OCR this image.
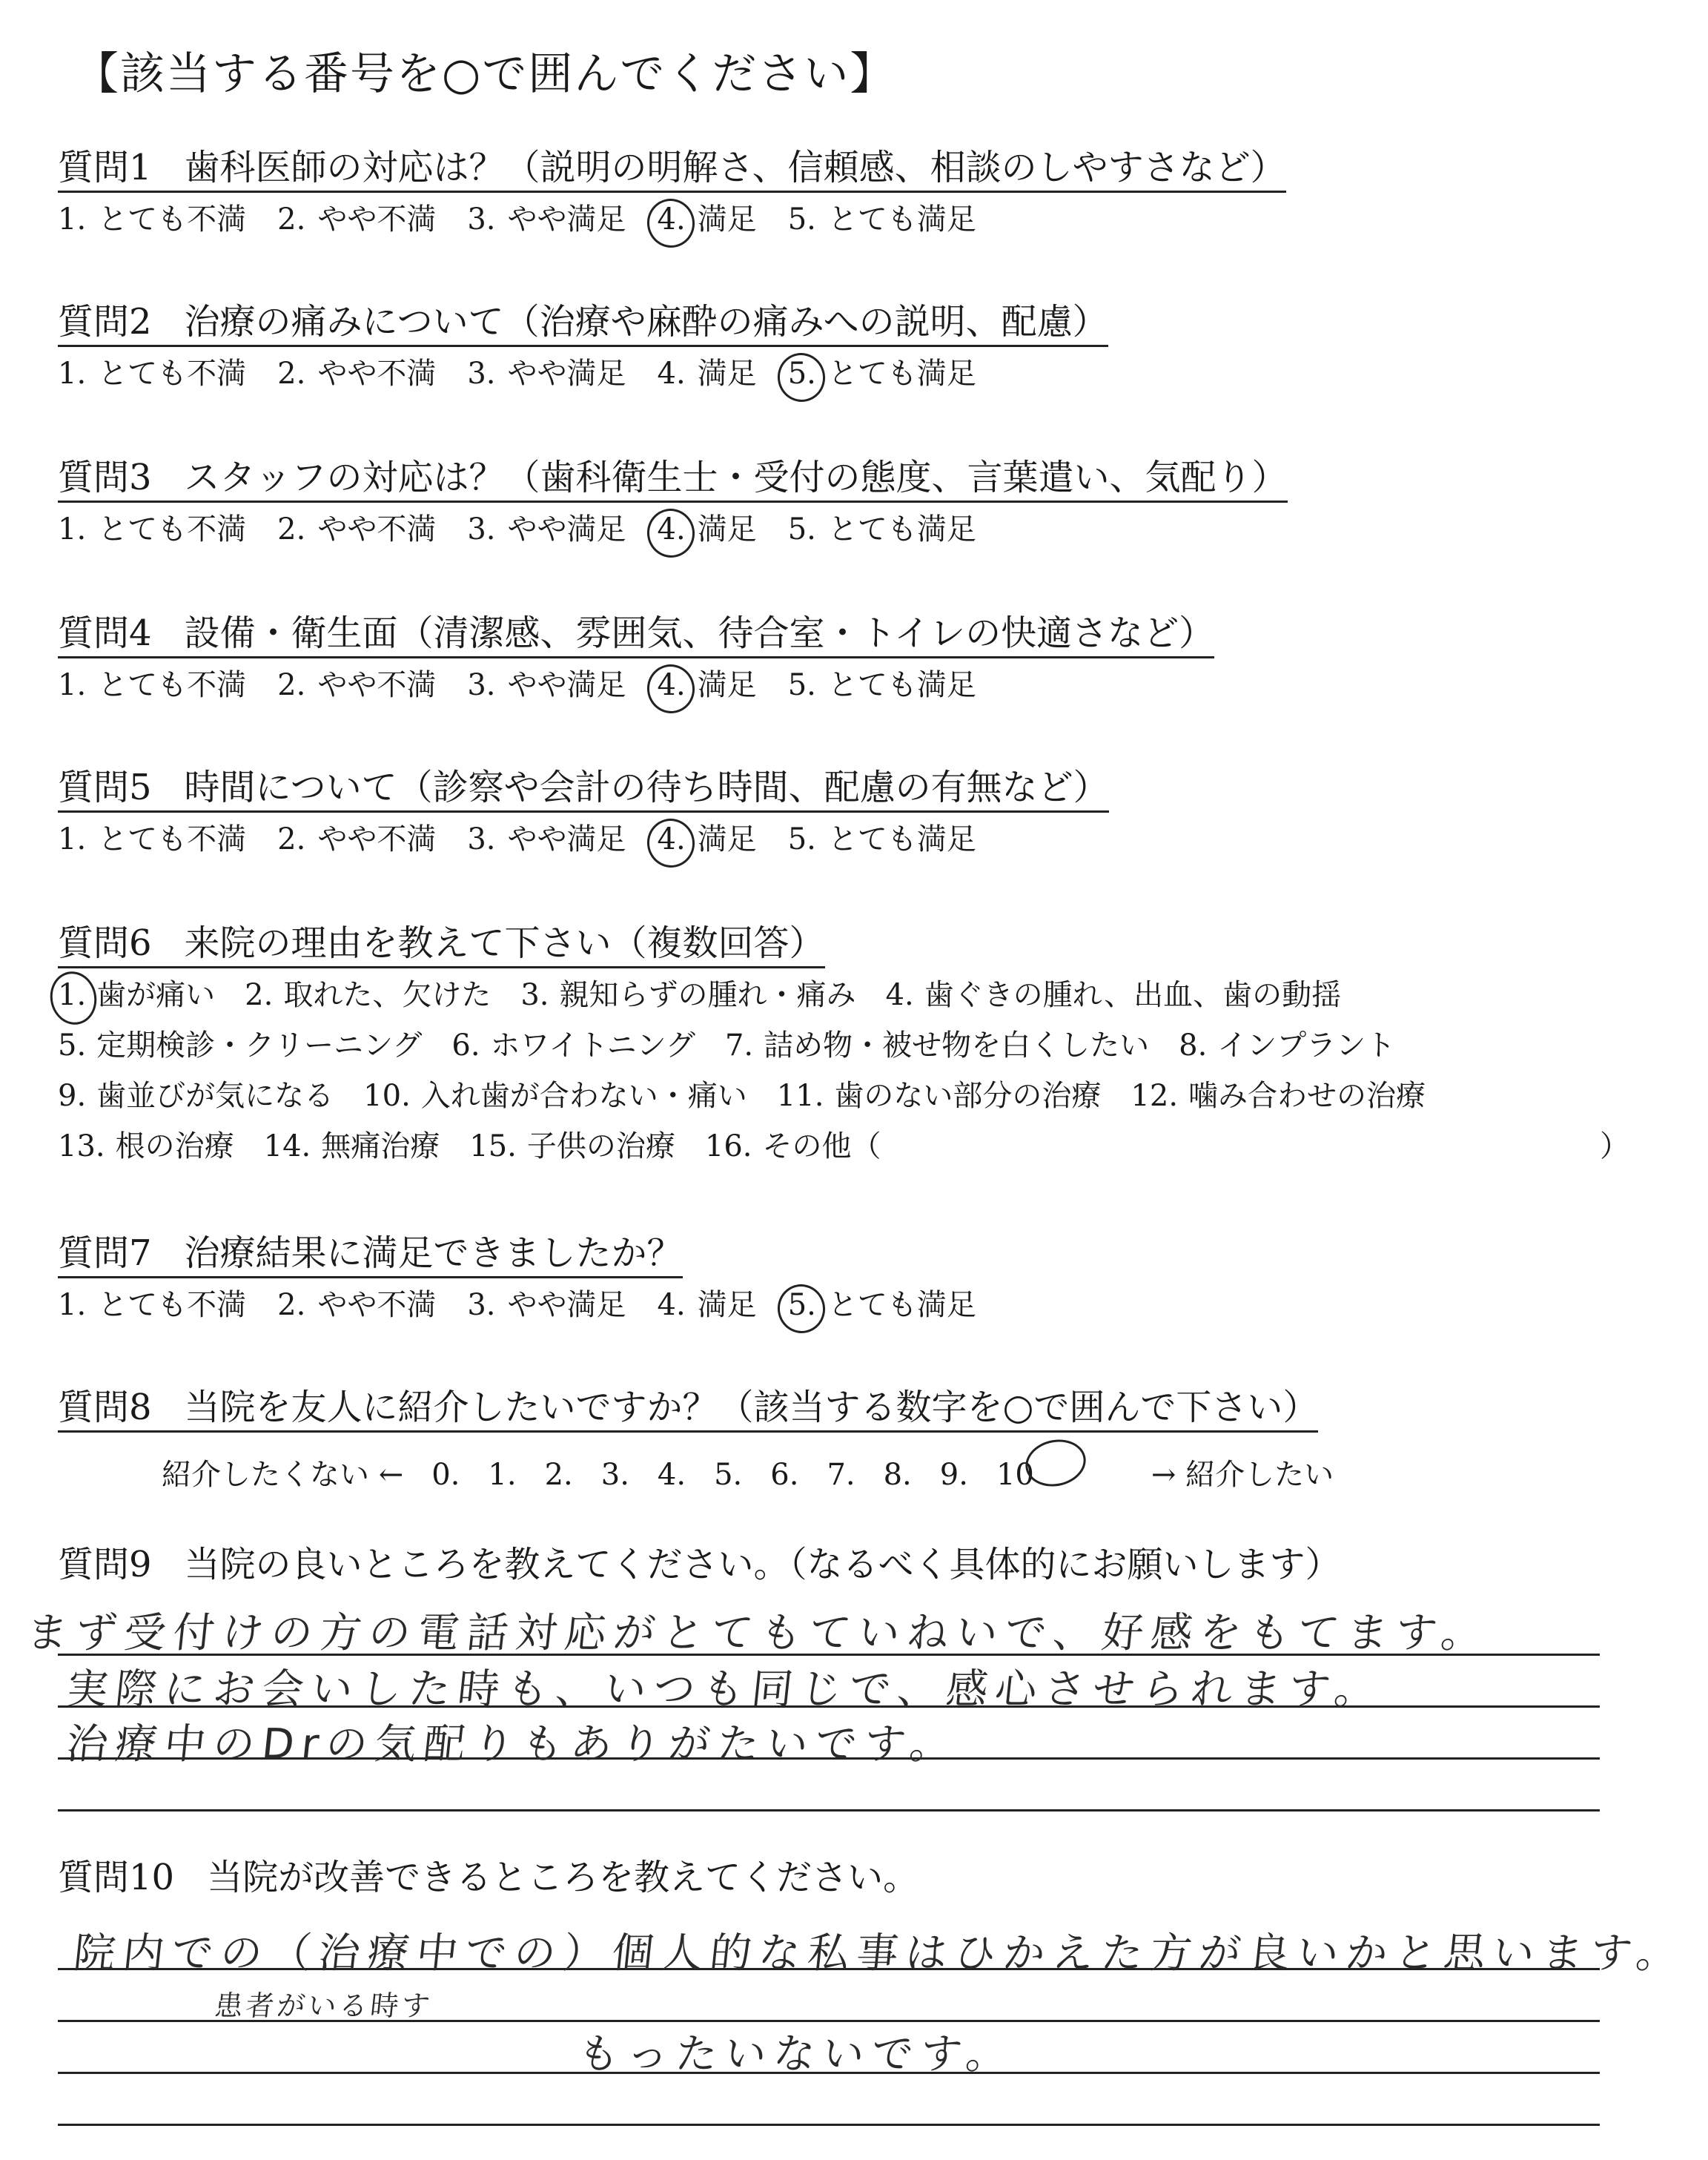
【該当する番号を○で囲んでください】
質問1 歯科医師の対応は？（説明の明解さ、信頼感、相談のしやすさなど）
1. とても不満 2. やや不満 3. やや満足 4. 満足 5. とても満足
質問2 治療の痛みについて（治療や麻酔の痛みへの説明、配慮）
1. とても不満 2. やや不満 3. やや満足 4. 満足 5. とても満足
質問3 スタッフの対応は？（歯科衛生士・受付の態度、言葉遣い、気配り）
1. とても不満 2. やや不満 3. やや満足 4. 満足 5. とても満足
質問4 設備・衛生面（清潔感、雰囲気、待合室・トイレの快適さなど）
1. とても不満 2. やや不満 3. やや満足 4. 満足 5. とても満足
質問5 時間について（診察や会計の待ち時間、配慮の有無など）
1. とても不満 2. やや不満 3. やや満足 4. 満足 5. とても満足
質問6 来院の理由を教えて下さい（複数回答）
1. 歯が痛い 2. 取れた、欠けた 3. 親知らずの腫れ・痛み 4. 歯ぐきの腫れ、出血、歯の動揺
5. 定期検診・クリーニング 6. ホワイトニング 7. 詰め物・被せ物を白くしたい 8. インプラント
9. 歯並びが気になる 10. 入れ歯が合わない・痛い 11. 歯のない部分の治療 12. 噛み合わせの治療
13. 根の治療 14. 無痛治療 15. 子供の治療 16. その他（	）
質問7 治療結果に満足できましたか？
1. とても不満 2. やや不満 3. やや満足 4. 満足 5. とても満足
質問8 当院を友人に紹介したいですか？（該当する数字を○で囲んで下さい）
紹介したくない ← 0. 1. 2. 3. 4. 5. 6. 7. 8. 9. 10	→ 紹介したい
質問9 当院の良いところを教えてください。（なるべく具体的にお願いします）
まず受付けの方の電話対応がとてもていねいで、好感をもてます。
実際にお会いした時も、いつも同じで、感心させられます。
治療中のDrの気配りもありがたいです。
質問10 当院が改善できるところを教えてください。
院内での（治療中での）個人的な私事はひかえた方が良いかと思います。
患者がいる時す
もったいないです。
